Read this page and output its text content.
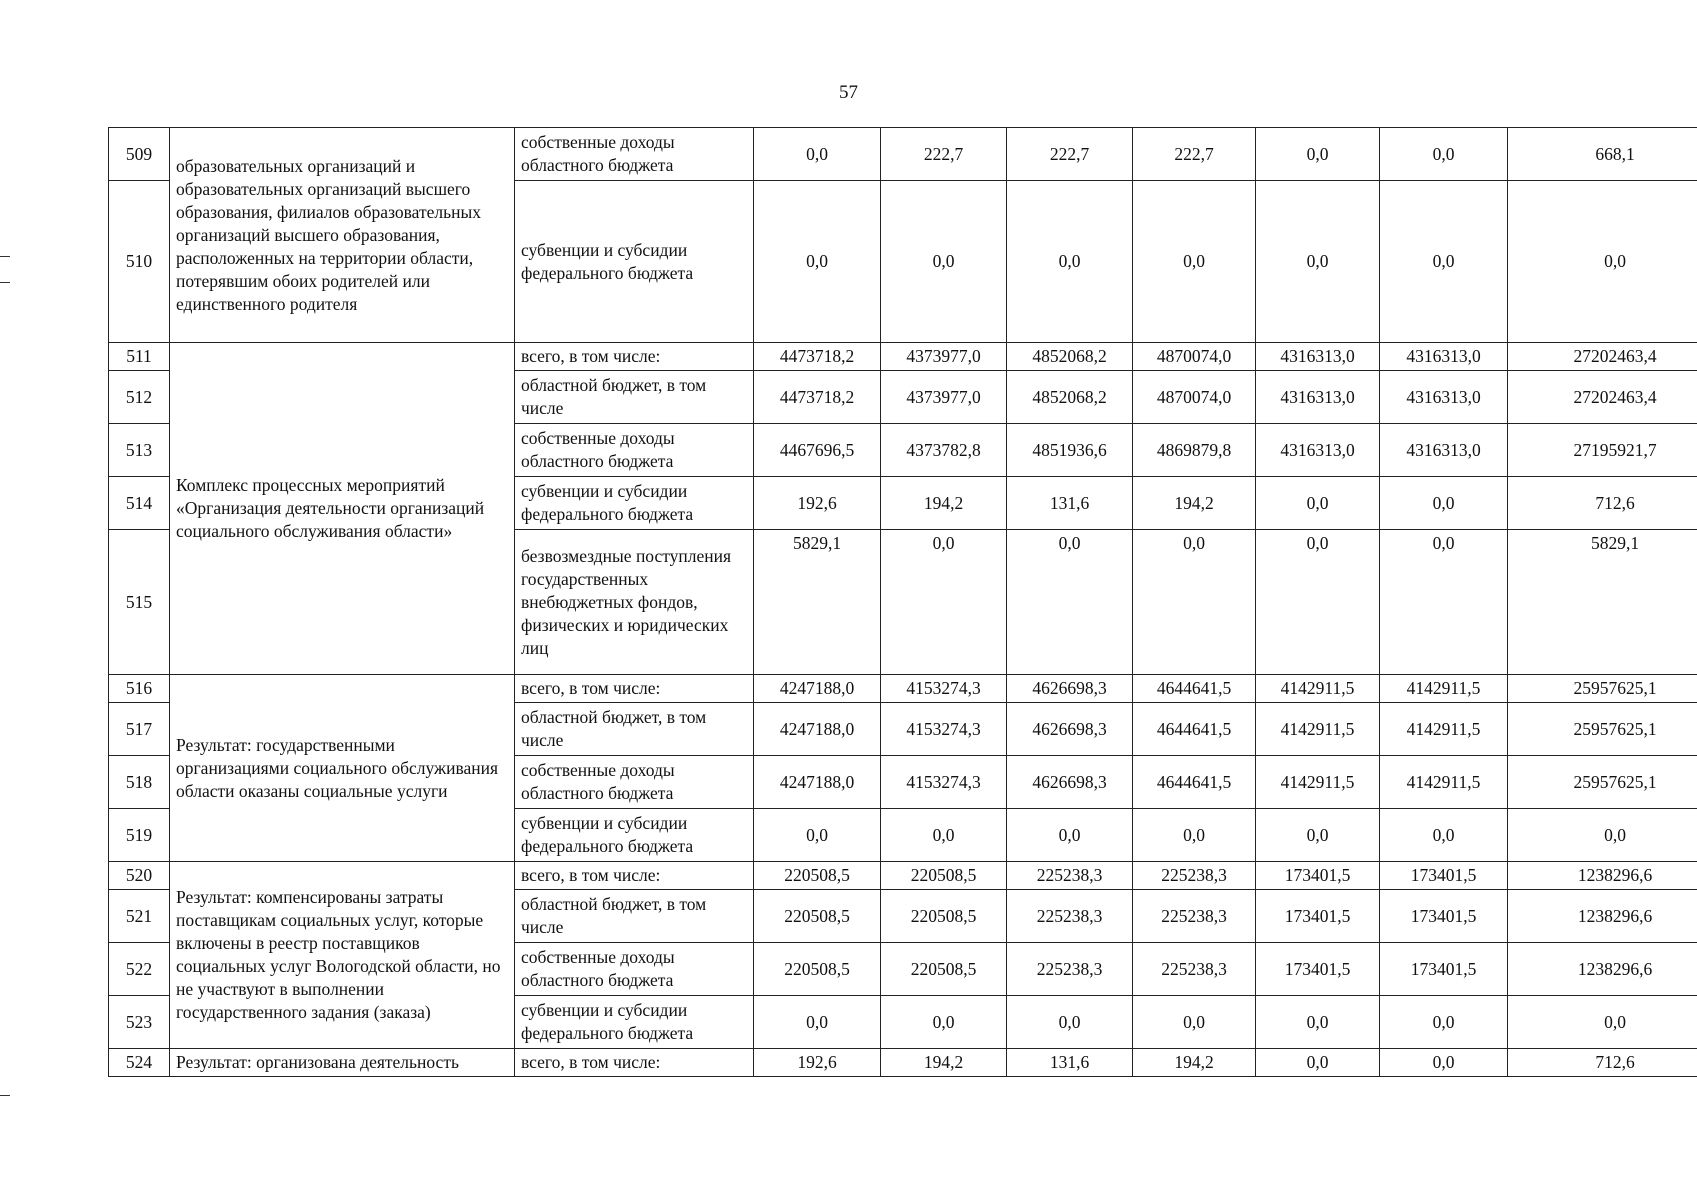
57
509	образовательных организаций и образовательных организаций высшего образования, филиалов образовательных организаций высшего образования, расположенных на территории области, потерявшим обоих родителей или единственного родителя	собственные доходы областного бюджета	0,0	222,7	222,7	222,7	0,0	0,0	668,1
510		субвенции и субсидии федерального бюджета	0,0	0,0	0,0	0,0	0,0	0,0	0,0
511	Комплекс процессных мероприятий «Организация деятельности организаций социального обслуживания области»	всего, в том числе:	4473718,2	4373977,0	4852068,2	4870074,0	4316313,0	4316313,0	27202463,4
512		областной бюджет, в том числе	4473718,2	4373977,0	4852068,2	4870074,0	4316313,0	4316313,0	27202463,4
513		собственные доходы областного бюджета	4467696,5	4373782,8	4851936,6	4869879,8	4316313,0	4316313,0	27195921,7
514		субвенции и субсидии федерального бюджета	192,6	194,2	131,6	194,2	0,0	0,0	712,6
515		безвозмездные поступления государственных внебюджетных фондов, физических и юридических лиц	5829,1	0,0	0,0	0,0	0,0	0,0	5829,1
516	Результат: государственными организациями социального обслуживания области оказаны социальные услуги	всего, в том числе:	4247188,0	4153274,3	4626698,3	4644641,5	4142911,5	4142911,5	25957625,1
517		областной бюджет, в том числе	4247188,0	4153274,3	4626698,3	4644641,5	4142911,5	4142911,5	25957625,1
518		собственные доходы областного бюджета	4247188,0	4153274,3	4626698,3	4644641,5	4142911,5	4142911,5	25957625,1
519		субвенции и субсидии федерального бюджета	0,0	0,0	0,0	0,0	0,0	0,0	0,0
520	Результат: компенсированы затраты поставщикам социальных услуг, которые включены в реестр поставщиков социальных услуг Вологодской области, но не участвуют в выполнении государственного задания (заказа)	всего, в том числе:	220508,5	220508,5	225238,3	225238,3	173401,5	173401,5	1238296,6
521		областной бюджет, в том числе	220508,5	220508,5	225238,3	225238,3	173401,5	173401,5	1238296,6
522		собственные доходы областного бюджета	220508,5	220508,5	225238,3	225238,3	173401,5	173401,5	1238296,6
523		субвенции и субсидии федерального бюджета	0,0	0,0	0,0	0,0	0,0	0,0	0,0
524	Результат: организована деятельность	всего, в том числе:	192,6	194,2	131,6	194,2	0,0	0,0	712,6
